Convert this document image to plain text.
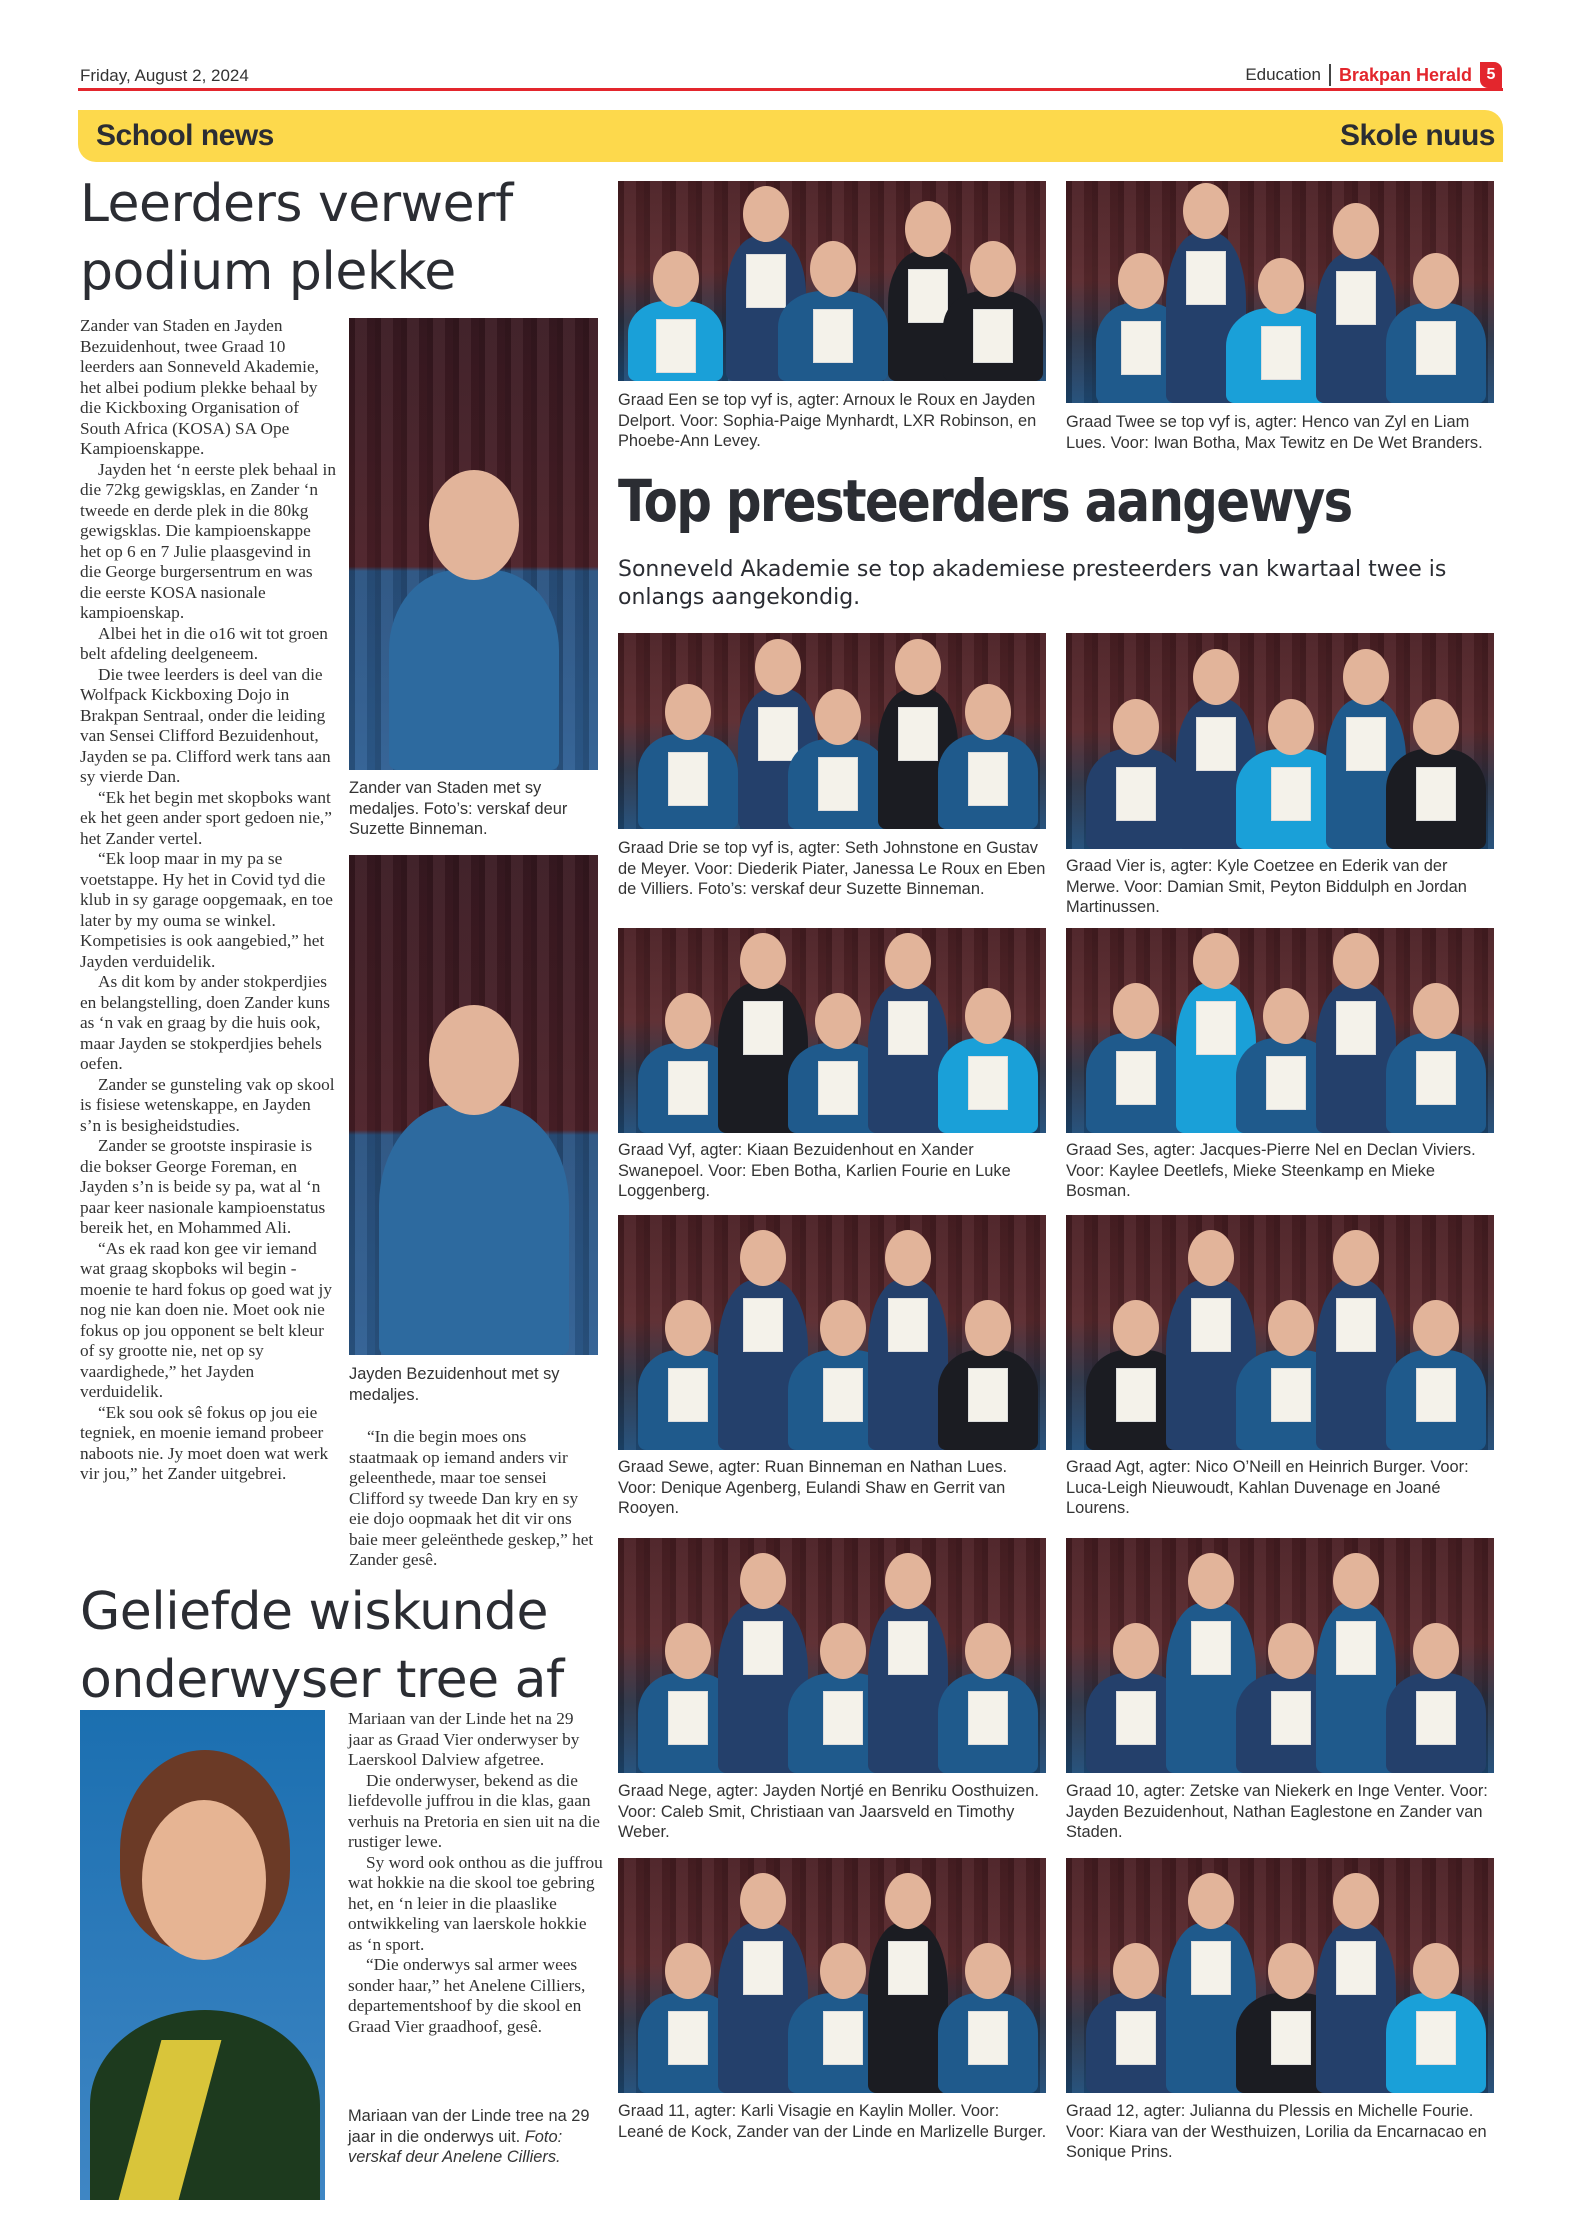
Friday, August 2, 2024	Education Brakpan Herald 5
School news	Skole nuus
Leerders verwerf
podium plekke

Zander van Staden en Jayden Bezuidenhout, twee Graad 10 leerders aan Sonneveld Akademie, het albei podium plekke behaal by die Kickboxing Organisation of South Africa (KOSA) SA Ope Kampioenskappe.

Jayden het ‘n eerste plek behaal in die 72kg gewigsklas, en Zander ‘n tweede en derde plek in die 80kg gewigsklas. Die kampioenskappe het op 6 en 7 Julie plaasgevind in die George burgersentrum en was die eerste KOSA nasionale kampioenskap.

Albei het in die o16 wit tot groen belt afdeling deelgeneem.

Die twee leerders is deel van die Wolfpack Kickboxing Dojo in Brakpan Sentraal, onder die leiding van Sensei Clifford Bezuidenhout, Jayden se pa. Clifford werk tans aan sy vierde Dan.

“Ek het begin met skopboks want ek het geen ander sport gedoen nie,” het Zander vertel.

“Ek loop maar in my pa se voetstappe. Hy het in Covid tyd die klub in sy garage oopgemaak, en toe later by my ouma se winkel. Kompetisies is ook aangebied,” het Jayden verduidelik.

As dit kom by ander stokperdjies en belangstelling, doen Zander kuns as ‘n vak en graag by die huis ook, maar Jayden se stokperdjies behels oefen.

Zander se gunsteling vak op skool is fisiese wetenskappe, en Jayden s’n is besigheidstudies.

Zander se grootste inspirasie is die bokser George Foreman, en Jayden s’n is beide sy pa, wat al ‘n paar keer nasionale kampioenstatus bereik het, en Mohammed Ali.

“As ek raad kon gee vir iemand wat graag skopboks wil begin - moenie te hard fokus op goed wat jy nog nie kan doen nie. Moet ook nie fokus op jou opponent se belt kleur of sy grootte nie, net op sy vaardighede,” het Jayden verduidelik.

“Ek sou ook sê fokus op jou eie tegniek, en moenie iemand probeer naboots nie. Jy moet doen wat werk vir jou,” het Zander uitgebrei.

Zander van Staden met sy medaljes. Foto’s: verskaf deur Suzette Binneman.
Jayden Bezuidenhout met sy medaljes.

“In die begin moes ons staatmaak op iemand anders vir geleenthede, maar toe sensei Clifford sy tweede Dan kry en sy eie dojo oopmaak het dit vir ons baie meer geleënthede geskep,” het Zander gesê.

Geliefde wiskunde
onderwyser tree af

Mariaan van der Linde het na 29 jaar as Graad Vier onderwyser by Laerskool Dalview afgetree.

Die onderwyser, bekend as die liefdevolle juffrou in die klas, gaan verhuis na Pretoria en sien uit na die rustiger lewe.

Sy word ook onthou as die juffrou wat hokkie na die skool toe gebring het, en ‘n leier in die plaaslike ontwikkeling van laerskole hokkie as ‘n sport.

“Die onderwys sal armer wees sonder haar,” het Anelene Cilliers, departementshoof by die skool en Graad Vier graadhoof, gesê.

Mariaan van der Linde tree na 29 jaar in die onderwys uit. Foto: verskaf deur Anelene Cilliers.
Graad Een se top vyf is, agter: Arnoux le Roux en Jayden Delport. Voor: Sophia-Paige Mynhardt, LXR Robinson, en Phoebe-Ann Levey.
Graad Twee se top vyf is, agter: Henco van Zyl en Liam Lues. Voor: Iwan Botha, Max Tewitz en De Wet Branders.
Top presteerders aangewys
Sonneveld Akademie se top akademiese presteerders van kwartaal twee is onlangs aangekondig.
Graad Drie se top vyf is, agter: Seth Johnstone en Gustav de Meyer. Voor: Diederik Piater, Janessa Le Roux en Eben de Villiers. Foto’s: verskaf deur Suzette Binneman.
Graad Vier is, agter: Kyle Coetzee en Ederik van der Merwe. Voor: Damian Smit, Peyton Biddulph en Jordan Martinussen.
Graad Vyf, agter: Kiaan Bezuidenhout en Xander Swanepoel. Voor: Eben Botha, Karlien Fourie en Luke Loggenberg.
Graad Ses, agter: Jacques-Pierre Nel en Declan Viviers. Voor: Kaylee Deetlefs, Mieke Steenkamp en Mieke Bosman.
Graad Sewe, agter: Ruan Binneman en Nathan Lues. Voor: Denique Agenberg, Eulandi Shaw en Gerrit van Rooyen.
Graad Agt, agter: Nico O’Neill en Heinrich Burger. Voor: Luca-Leigh Nieuwoudt, Kahlan Duvenage en Joané Lourens.
Graad Nege, agter: Jayden Nortjé en Benriku Oosthuizen. Voor: Caleb Smit, Christiaan van Jaarsveld en Timothy Weber.
Graad 10, agter: Zetske van Niekerk en Inge Venter. Voor: Jayden Bezuidenhout, Nathan Eaglestone en Zander van Staden.
Graad 11, agter: Karli Visagie en Kaylin Moller. Voor: Leané de Kock, Zander van der Linde en Marlizelle Burger.
Graad 12, agter: Julianna du Plessis en Michelle Fourie. Voor: Kiara van der Westhuizen, Lorilia da Encarnacao en Sonique Prins.
